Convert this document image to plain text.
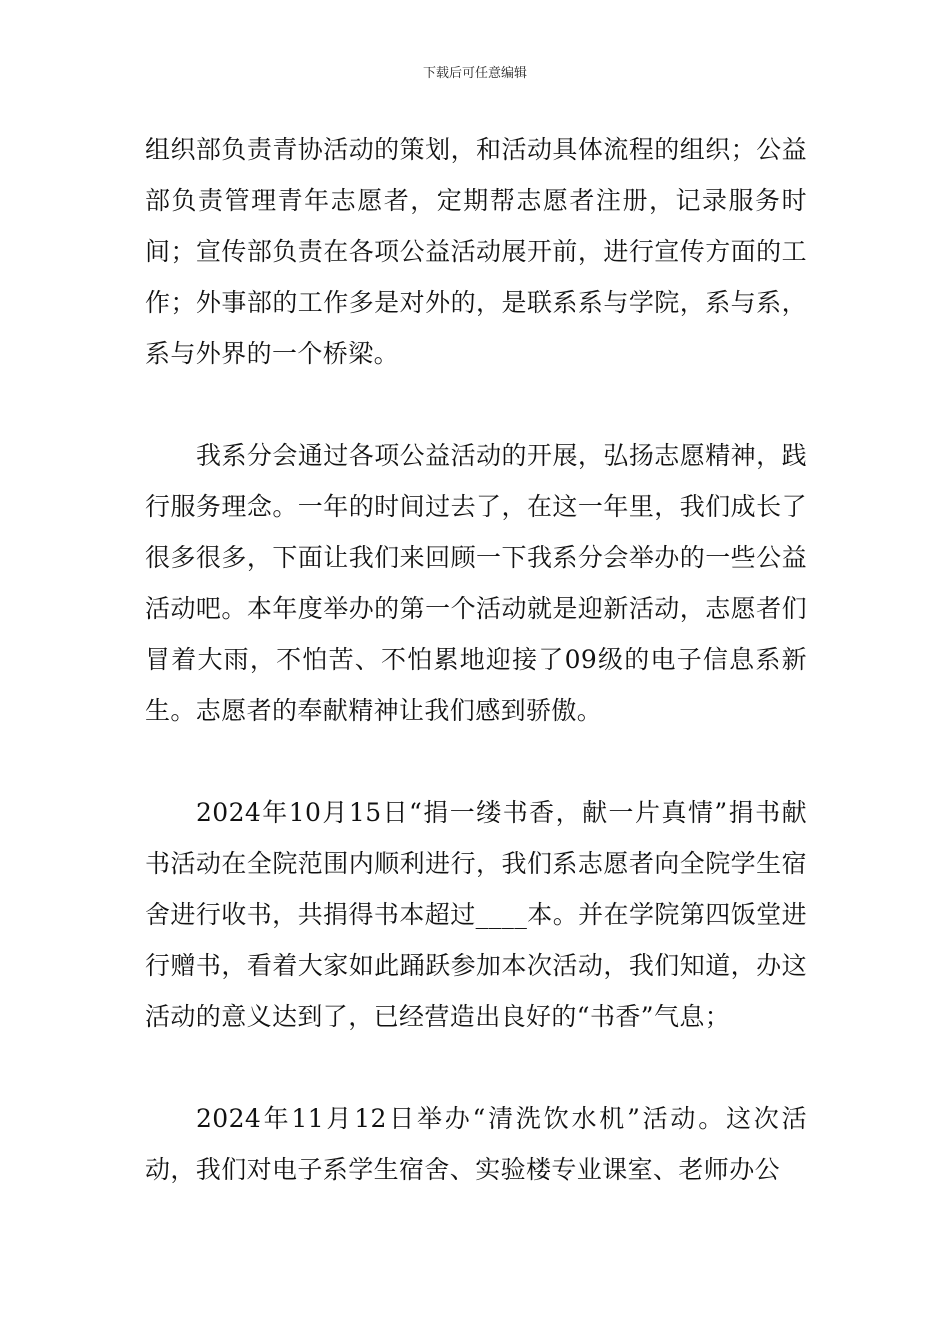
下载后可任意编辑

组织部负责青协活动的策划，和活动具体流程的组织；公益部负责管理青年志愿者，定期帮志愿者注册，记录服务时间；宣传部负责在各项公益活动展开前，进行宣传方面的工作；外事部的工作多是对外的，是联系系与学院，系与系，系与外界的一个桥梁。

我系分会通过各项公益活动的开展，弘扬志愿精神，践行服务理念。一年的时间过去了，在这一年里，我们成长了很多很多，下面让我们来回顾一下我系分会举办的一些公益活动吧。本年度举办的第一个活动就是迎新活动，志愿者们冒着大雨，不怕苦、不怕累地迎接了09级的电子信息系新生。志愿者的奉献精神让我们感到骄傲。

2024年10月15日“捐一缕书香，献一片真情”捐书献书活动在全院范围内顺利进行，我们系志愿者向全院学生宿舍进行收书，共捐得书本超过____本。并在学院第四饭堂进行赠书，看着大家如此踊跃参加本次活动，我们知道，办这活动的意义达到了，已经营造出良好的“书香”气息；

2024年11月12日举办“清洗饮水机”活动。这次活动，我们对电子系学生宿舍、实验楼专业课室、老师办公
